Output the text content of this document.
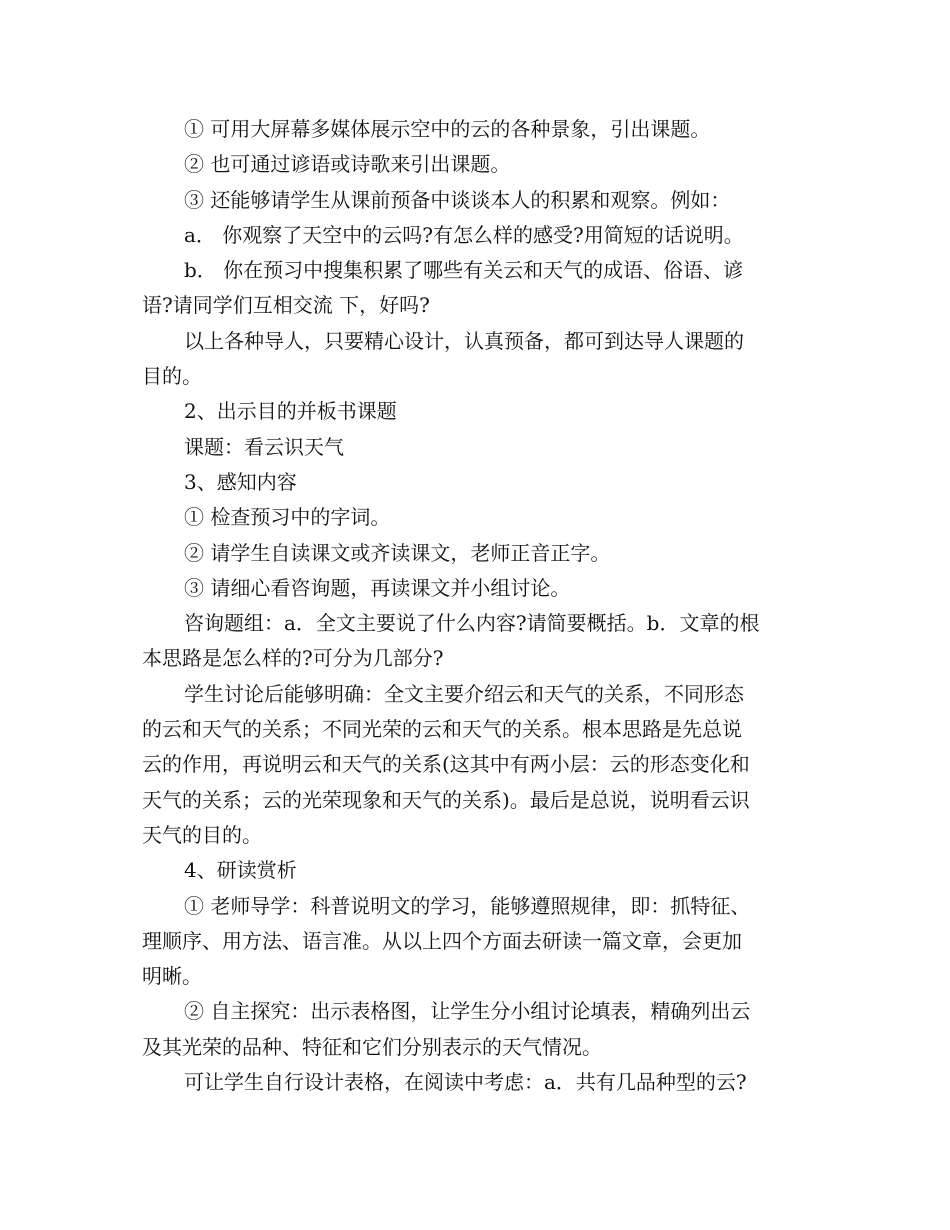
① 可用大屏幕多媒体展示空中的云的各种景象，引出课题。
② 也可通过谚语或诗歌来引出课题。
③ 还能够请学生从课前预备中谈谈本人的积累和观察。例如：
a． 你观察了天空中的云吗?有怎么样的感受?用简短的话说明。
b． 你在预习中搜集积累了哪些有关云和天气的成语、俗语、谚
语?请同学们互相交流 下，好吗?
以上各种导人，只要精心设计，认真预备，都可到达导人课题的
目的。
2、出示目的并板书课题
课题：看云识天气
3、感知内容
① 检查预习中的字词。
② 请学生自读课文或齐读课文，老师正音正字。
③ 请细心看咨询题，再读课文并小组讨论。
咨询题组：a．全文主要说了什么内容?请简要概括。b．文章的根
本思路是怎么样的?可分为几部分?
学生讨论后能够明确：全文主要介绍云和天气的关系，不同形态
的云和天气的关系；不同光荣的云和天气的关系。根本思路是先总说
云的作用，再说明云和天气的关系(这其中有两小层：云的形态变化和
天气的关系；云的光荣现象和天气的关系)。最后是总说，说明看云识
天气的目的。
4、研读赏析
① 老师导学：科普说明文的学习，能够遵照规律，即：抓特征、
理顺序、用方法、语言准。从以上四个方面去研读一篇文章，会更加
明晰。
② 自主探究：出示表格图，让学生分小组讨论填表，精确列出云
及其光荣的品种、特征和它们分别表示的天气情况。
可让学生自行设计表格，在阅读中考虑：a．共有几品种型的云?
